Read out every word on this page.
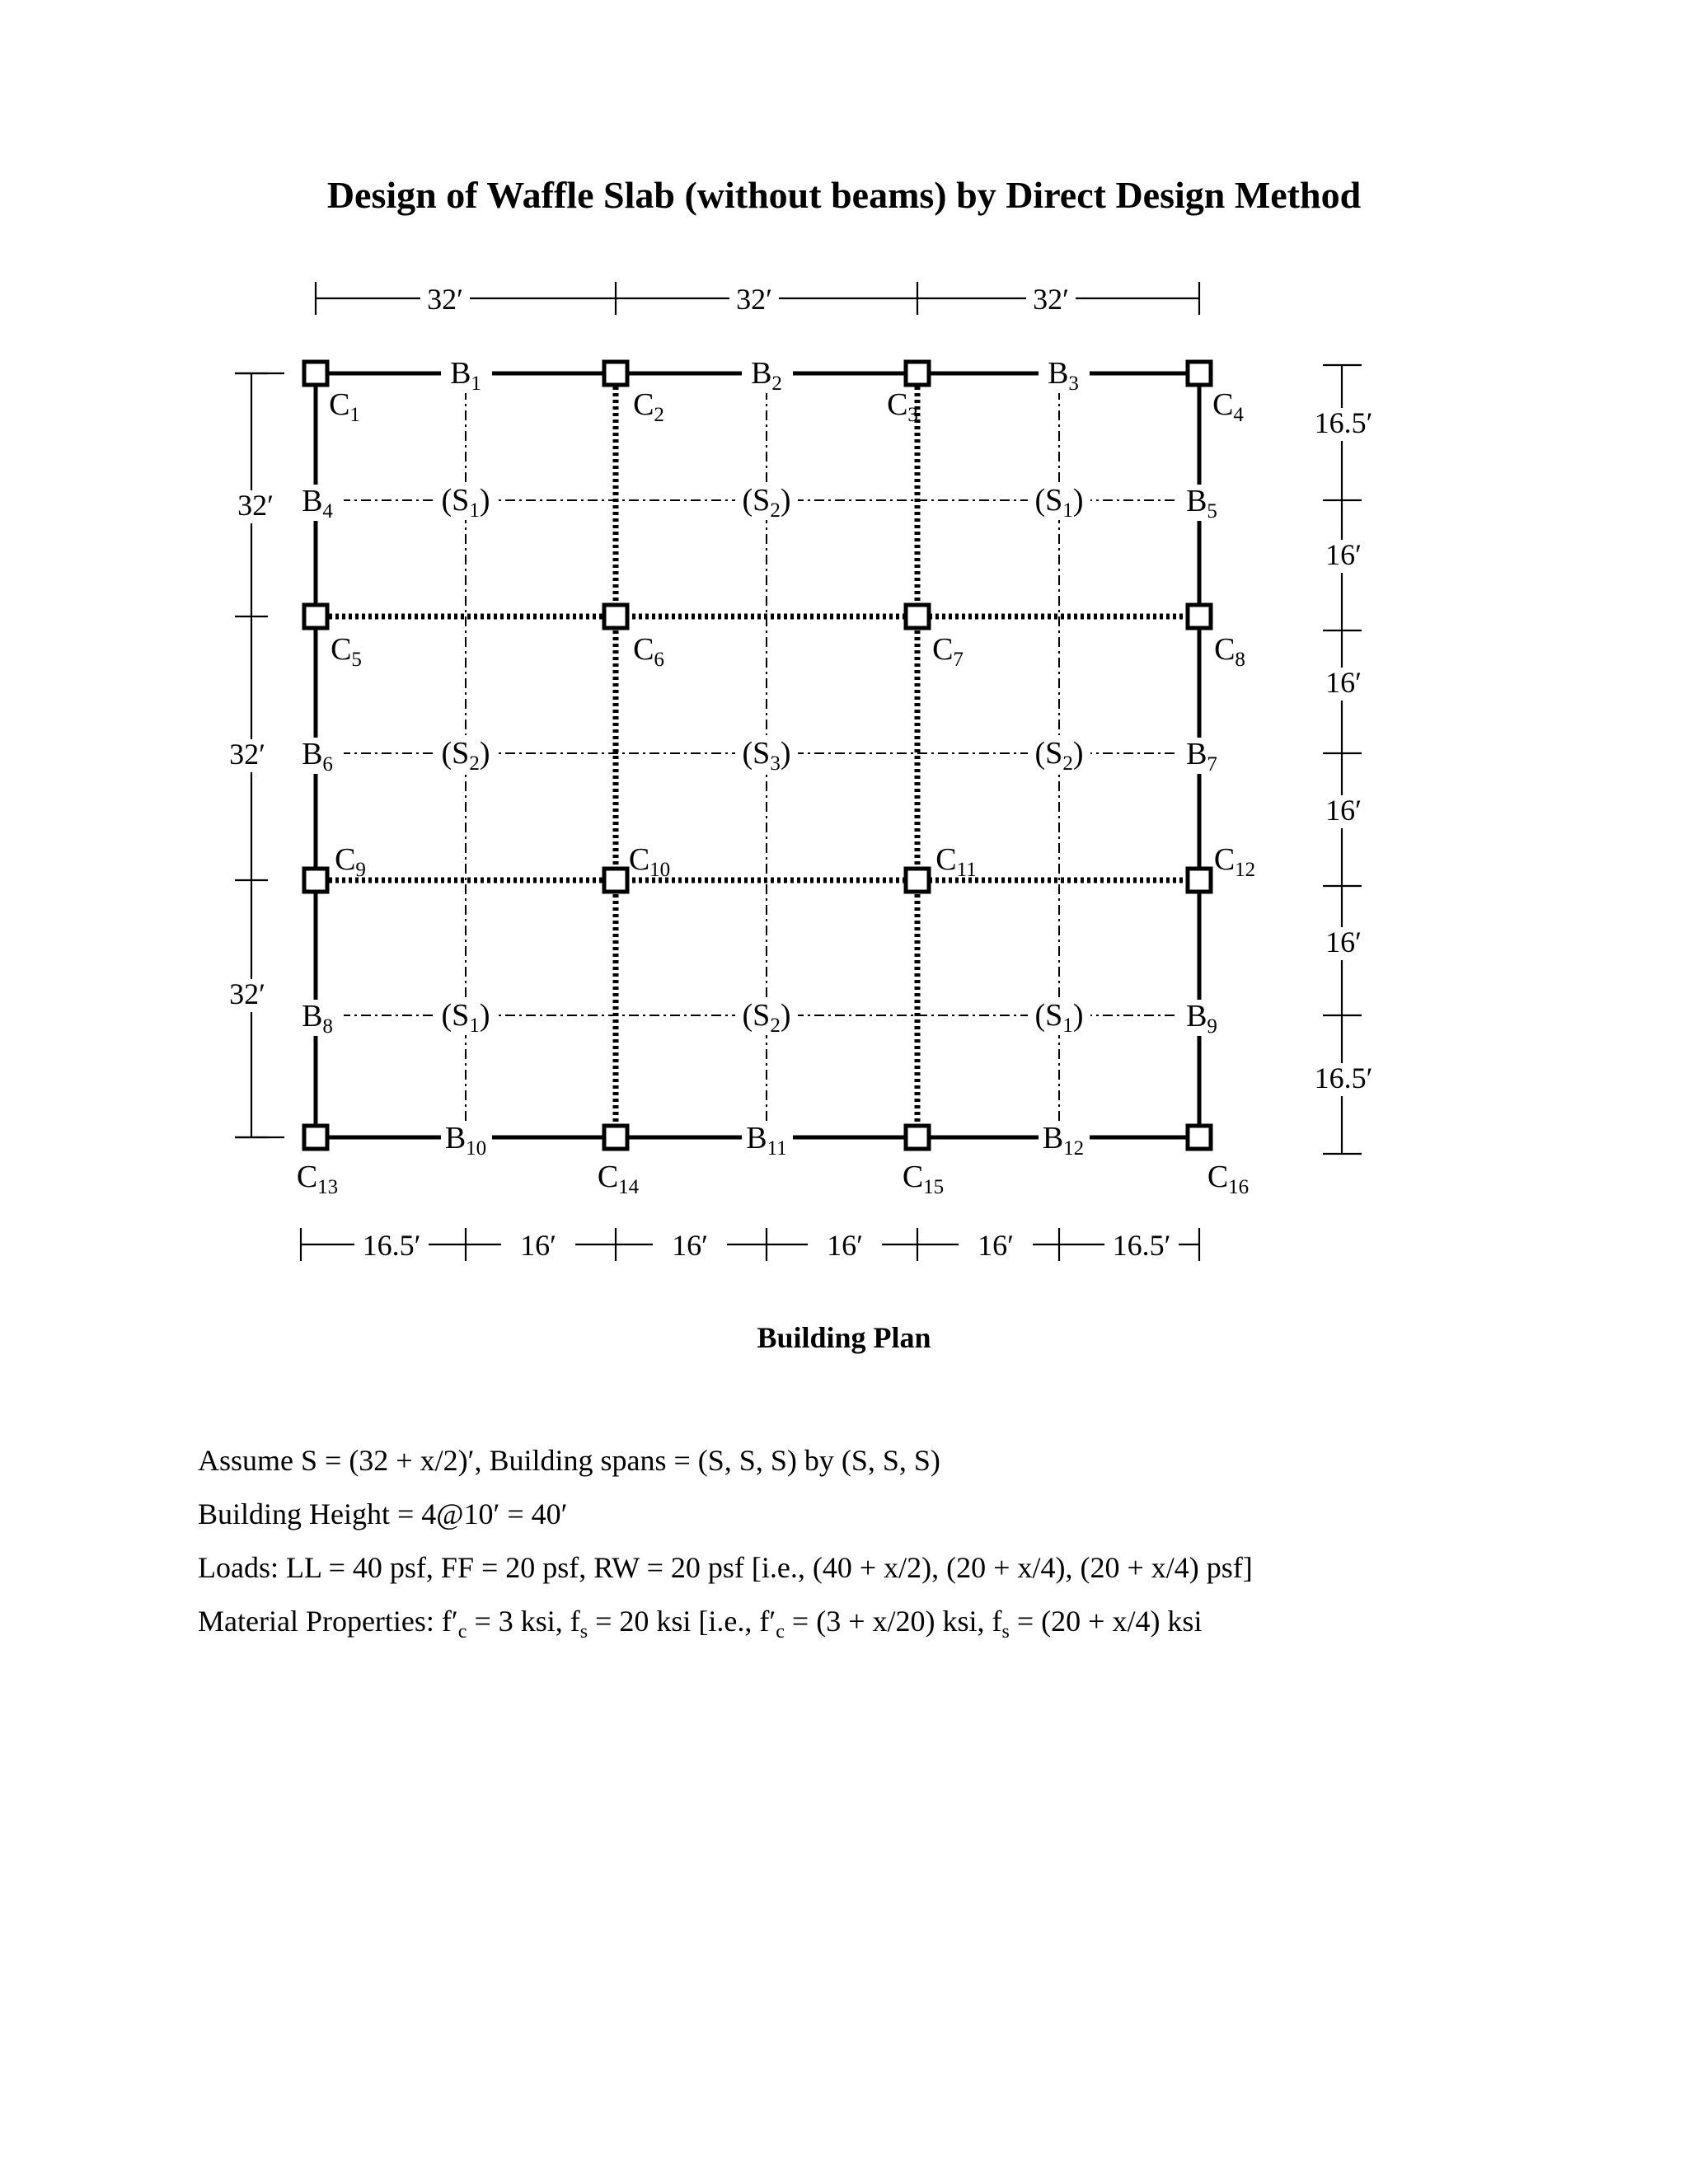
Design of Waffle Slab (without beams) by Direct Design Method
32′	32′	32′
32′
32′
32′
16.5′	16′	16′	16′	16′	16.5′
16.5′
16′
16′
16′
16′
16.5′
$C_1$	$C_2$	$C_3$	$C_4$
$C_5$	$C_6$	$C_7$	$C_8$
$C_9$	$C_{10}$	$C_{11}$	$C_{12}$
$C_{13}$	$C_{14}$	$C_{15}$	$C_{16}$
$B_1$	$B_2$	$B_3$
$B_4$	$B_5$
$B_6$	$B_7$
$B_8$	$B_9$
$B_{10}$	$B_{11}$	$B_{12}$
$(S_1)$	$(S_2)$	$(S_1)$
$(S_2)$	$(S_3)$	$(S_2)$
$(S_1)$	$(S_2)$	$(S_1)$
Building Plan
Assume S = (32 + x/2)′, Building spans = (S, S, S) by (S, S, S)
Building Height = 4@10′ = 40′
Loads: LL = 40 psf, FF = 20 psf, RW = 20 psf [i.e., (40 + x/2), (20 + x/4), (20 + x/4) psf]
Material Properties: $f'_c = 3$ ksi, $f_s = 20$ ksi [i.e., $f'_c = (3 + x/20)$ ksi, $f_s = (20 + x/4)$ ksi
